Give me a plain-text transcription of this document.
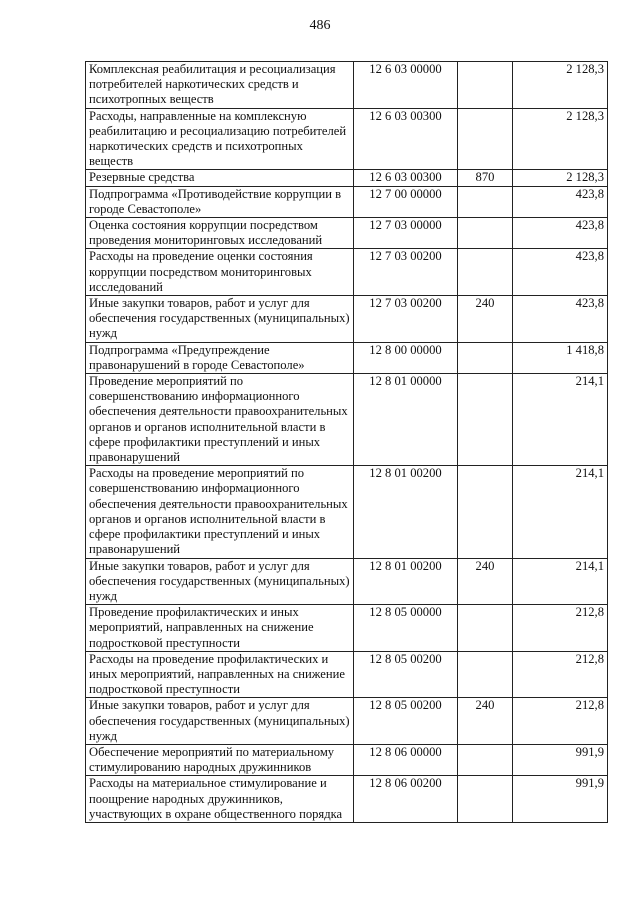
486
Комплексная реабилитация и ресоциализация потребителей наркотических средств и психотропных веществ	12 6 03 00000		2 128,3
Расходы, направленные на комплексную реабилитацию и ресоциализацию потребителей наркотических средств и психотропных веществ	12 6 03 00300		2 128,3
Резервные средства	12 6 03 00300	870	2 128,3
Подпрограмма «Противодействие коррупции в городе Севастополе»	12 7 00 00000		423,8
Оценка состояния коррупции посредством проведения мониторинговых исследований	12 7 03 00000		423,8
Расходы на проведение оценки состояния коррупции посредством мониторинговых исследований	12 7 03 00200		423,8
Иные закупки товаров, работ и услуг для обеспечения государственных (муниципальных) нужд	12 7 03 00200	240	423,8
Подпрограмма «Предупреждение правонарушений в городе Севастополе»	12 8 00 00000		1 418,8
Проведение мероприятий по совершенствованию информационного обеспечения деятельности правоохранительных органов и органов исполнительной власти в сфере профилактики преступлений и иных правонарушений	12 8 01 00000		214,1
Расходы на проведение мероприятий по совершенствованию информационного обеспечения деятельности правоохранительных органов и органов исполнительной власти в сфере профилактики преступлений и иных правонарушений	12 8 01 00200		214,1
Иные закупки товаров, работ и услуг для обеспечения государственных (муниципальных) нужд	12 8 01 00200	240	214,1
Проведение профилактических и иных мероприятий, направленных на снижение подростковой преступности	12 8 05 00000		212,8
Расходы на проведение профилактических и иных мероприятий, направленных на снижение подростковой преступности	12 8 05 00200		212,8
Иные закупки товаров, работ и услуг для обеспечения государственных (муниципальных) нужд	12 8 05 00200	240	212,8
Обеспечение мероприятий по материальному стимулированию народных дружинников	12 8 06 00000		991,9
Расходы на материальное стимулирование и поощрение народных дружинников, участвующих в охране общественного порядка	12 8 06 00200		991,9
